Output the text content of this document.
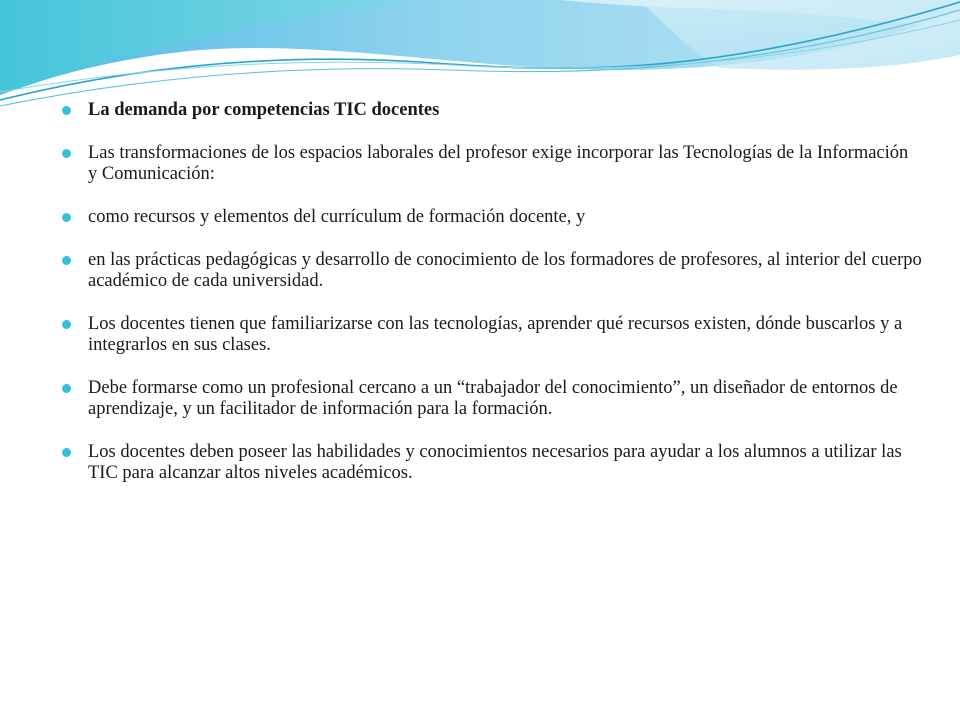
La demanda por competencias TIC docentes
Las transformaciones de los espacios laborales del profesor exige incorporar las Tecnologías de la Información y Comunicación:
como recursos y elementos del currículum de formación docente, y
en las prácticas pedagógicas y desarrollo de conocimiento de los formadores de profesores, al interior del cuerpo académico de cada universidad.
Los docentes tienen que familiarizarse con las tecnologías, aprender qué recursos existen, dónde buscarlos y a integrarlos en sus clases.
Debe formarse como un profesional cercano a un “trabajador del conocimiento”, un diseñador de entornos de aprendizaje, y un facilitador de información para la formación.
Los docentes deben poseer las habilidades y conocimientos necesarios para ayudar a los alumnos a utilizar las TIC para alcanzar altos niveles académicos.
